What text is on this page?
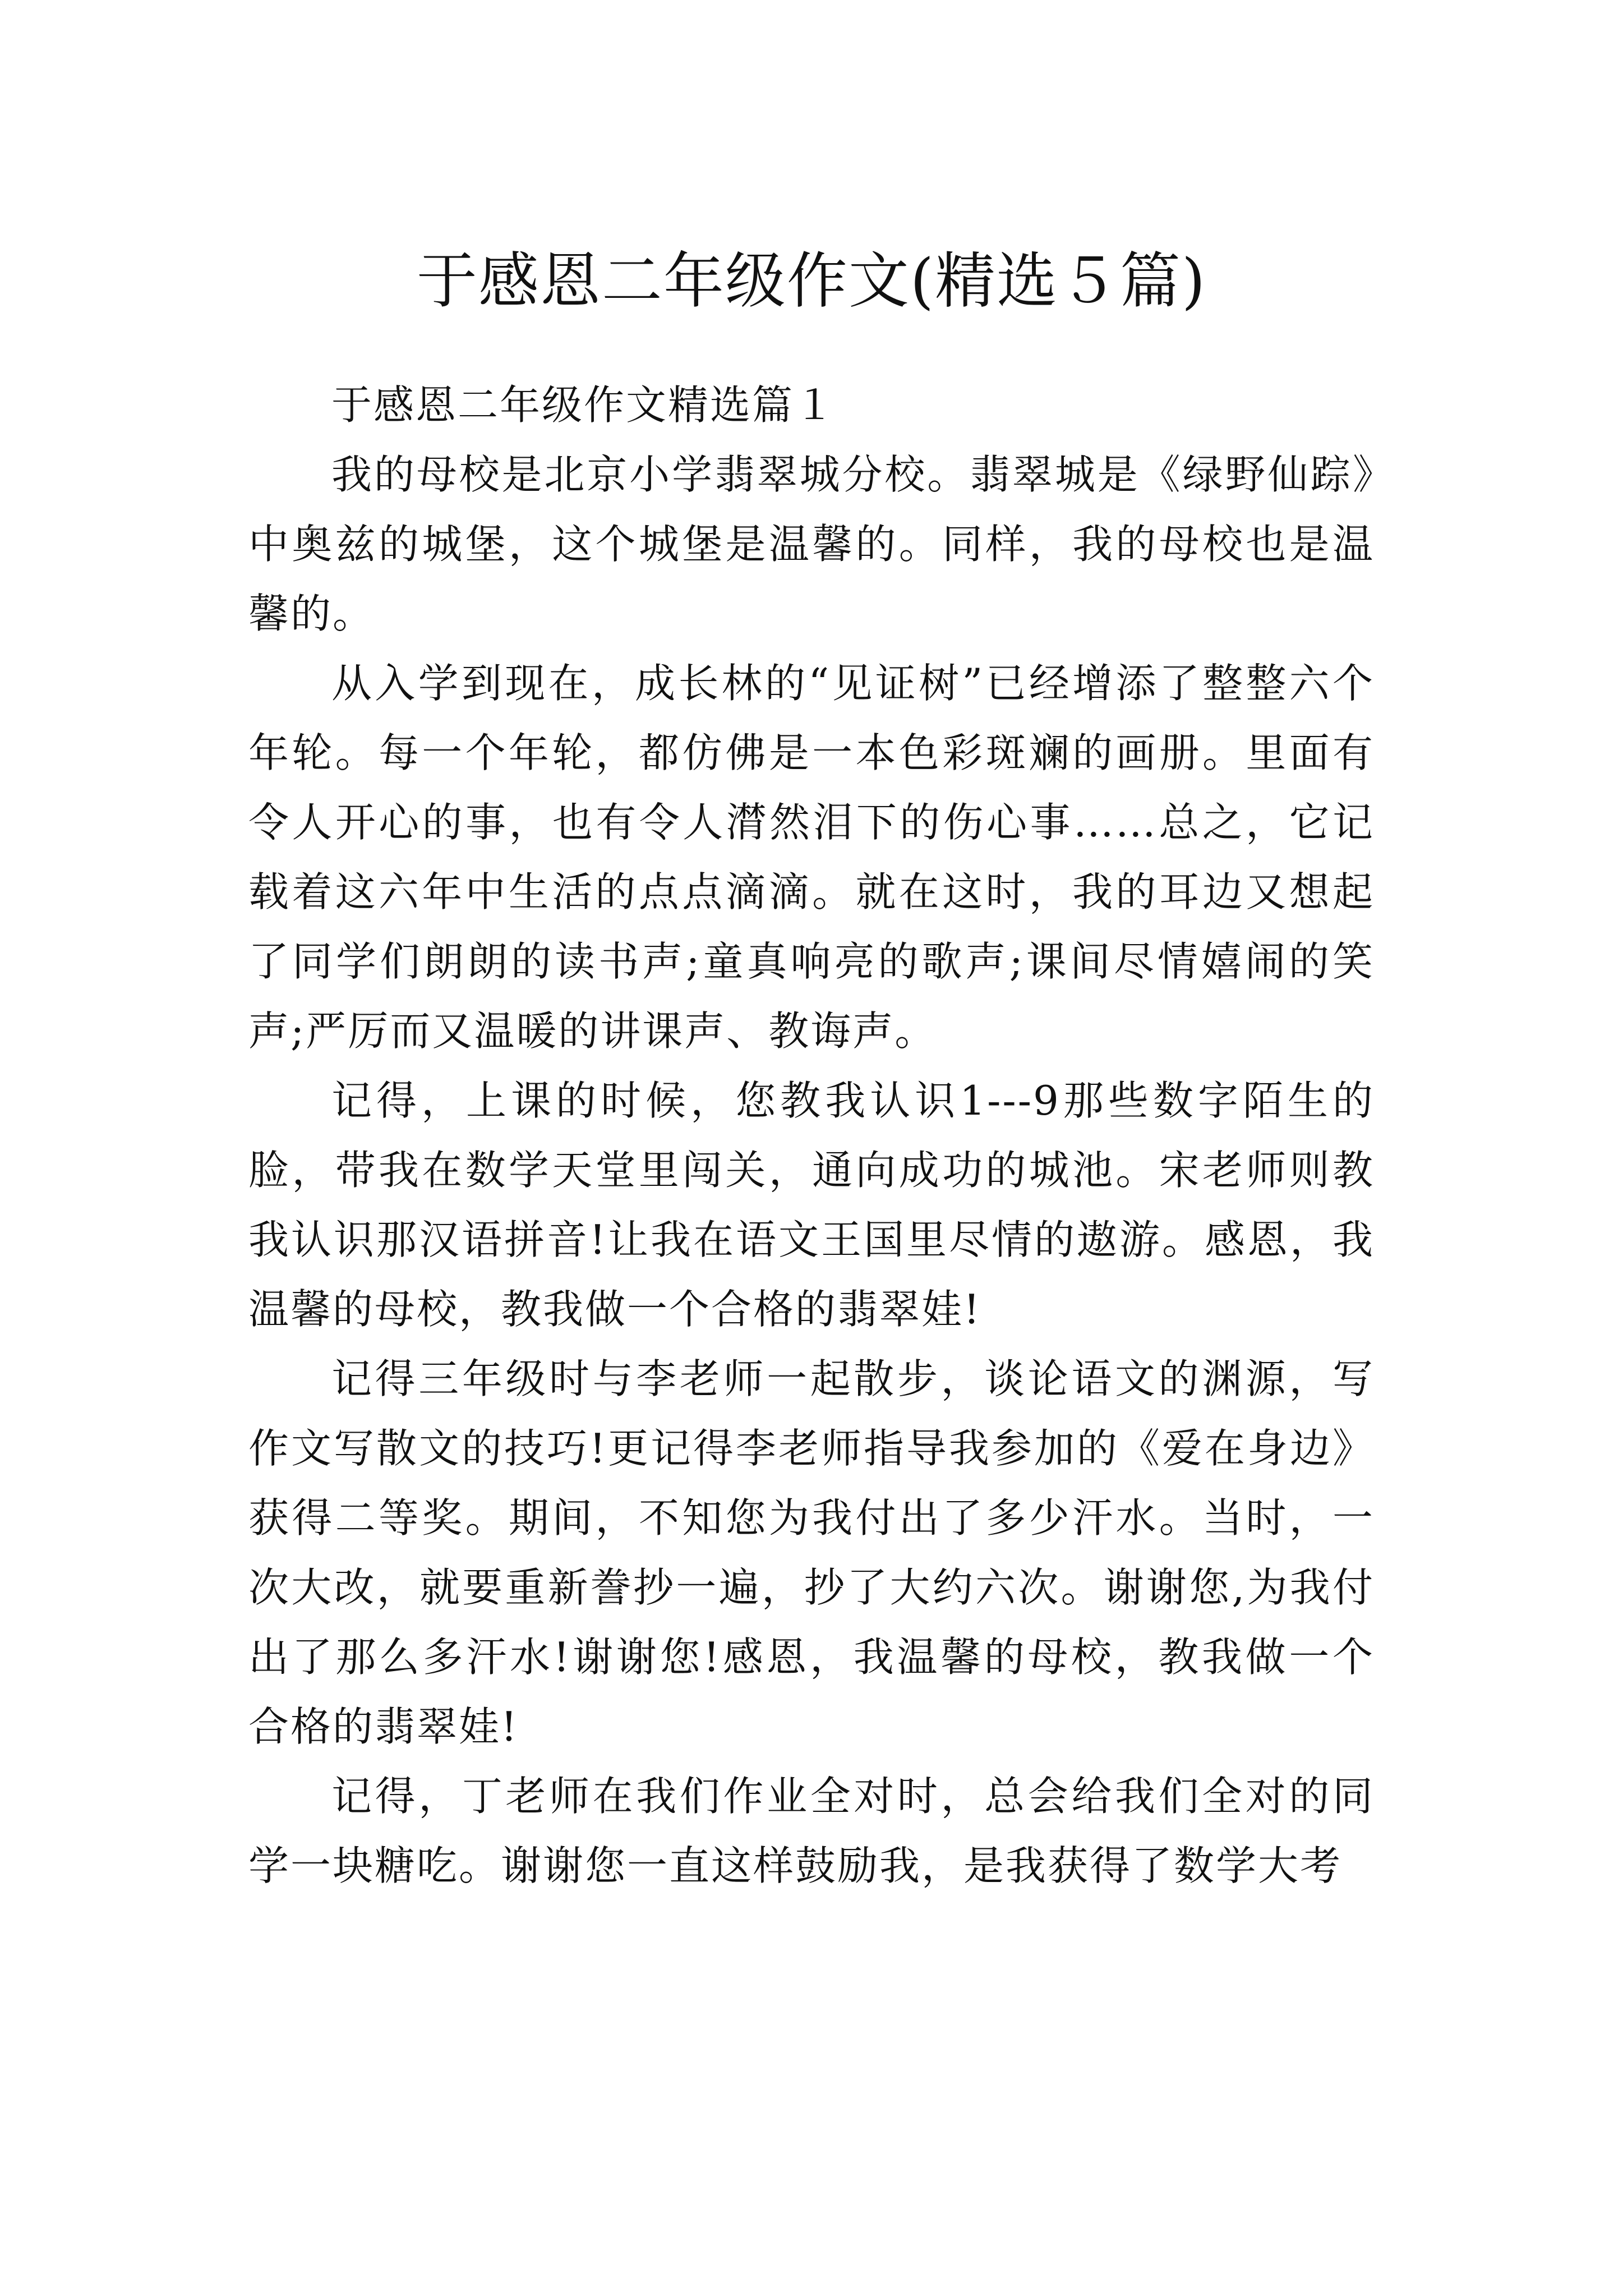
于感恩二年级作文(精选５篇)

于感恩二年级作文精选篇１

我的母校是北京小学翡翠城分校。翡翠城是《绿野仙踪》中奥兹的城堡，这个城堡是温馨的。同样，我的母校也是温馨的。

从入学到现在，成长林的“见证树”已经增添了整整六个年轮。每一个年轮，都仿佛是一本色彩斑斓的画册。里面有令人开心的事，也有令人潸然泪下的伤心事……总之，它记载着这六年中生活的点点滴滴。就在这时，我的耳边又想起了同学们朗朗的读书声;童真响亮的歌声;课间尽情嬉闹的笑声;严厉而又温暖的讲课声、教诲声。

记得，上课的时候，您教我认识1---9那些数字陌生的脸，带我在数学天堂里闯关，通向成功的城池。宋老师则教我认识那汉语拼音!让我在语文王国里尽情的遨游。感恩，我温馨的母校，教我做一个合格的翡翠娃!

记得三年级时与李老师一起散步，谈论语文的渊源，写作文写散文的技巧!更记得李老师指导我参加的《爱在身边》获得二等奖。期间，不知您为我付出了多少汗水。当时，一次大改，就要重新誊抄一遍，抄了大约六次。谢谢您,为我付出了那么多汗水!谢谢您!感恩，我温馨的母校，教我做一个合格的翡翠娃!

记得，丁老师在我们作业全对时，总会给我们全对的同学一块糖吃。谢谢您一直这样鼓励我，是我获得了数学大考
